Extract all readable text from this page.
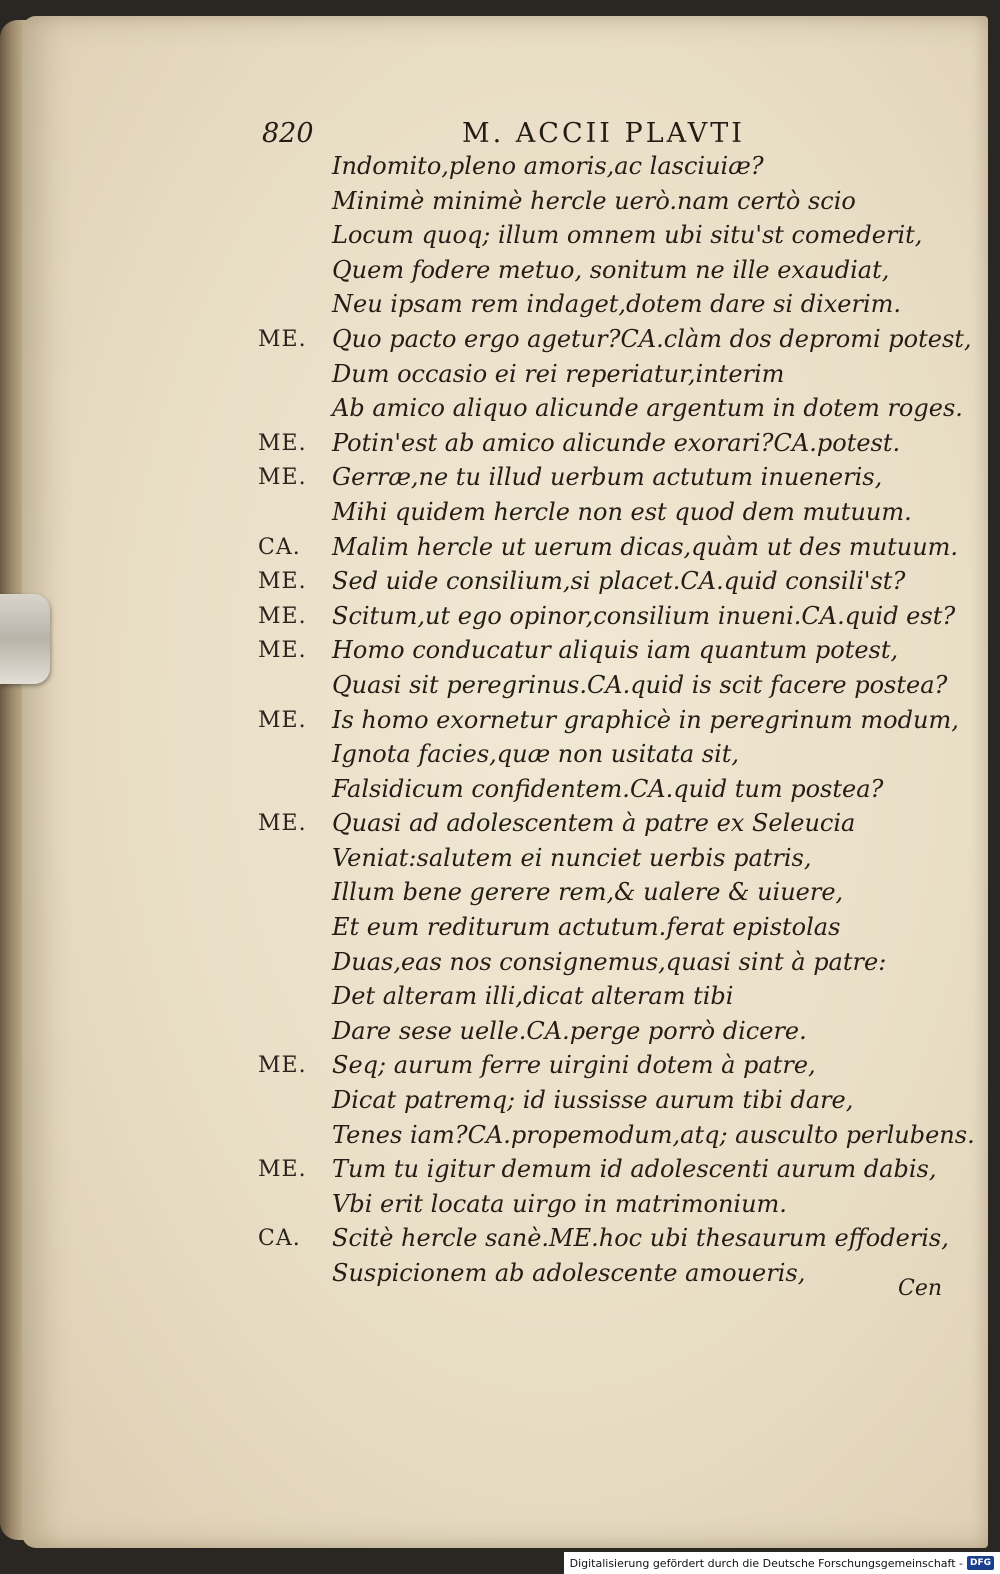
820	M. ACCII PLAVTI
Indomito,pleno amoris,ac lasciuiæ?
Minimè minimè hercle uerò.nam certò scio
Locum quoq; illum omnem ubi situ'st comederit,
Quem fodere metuo, sonitum ne ille exaudiat,
Neu ipsam rem indaget,dotem dare si dixerim.
ME. Quo pacto ergo agetur?CA.clàm dos depromi potest,
Dum occasio ei rei reperiatur,interim
Ab amico aliquo alicunde argentum in dotem roges.
ME. Potin'est ab amico alicunde exorari?CA.potest.
ME. Gerræ,ne tu illud uerbum actutum inueneris,
Mihi quidem hercle non est quod dem mutuum.
CA. Malim hercle ut uerum dicas,quàm ut des mutuum.
ME. Sed uide consilium,si placet.CA.quid consili'st?
ME. Scitum,ut ego opinor,consilium inueni.CA.quid est?
ME. Homo conducatur aliquis iam quantum potest,
Quasi sit peregrinus.CA.quid is scit facere postea?
ME. Is homo exornetur graphicè in peregrinum modum,
Ignota facies,quæ non usitata sit,
Falsidicum confidentem.CA.quid tum postea?
ME. Quasi ad adolescentem à patre ex Seleucia
Veniat:salutem ei nunciet uerbis patris,
Illum bene gerere rem,& ualere & uiuere,
Et eum rediturum actutum.ferat epistolas
Duas,eas nos consignemus,quasi sint à patre:
Det alteram illi,dicat alteram tibi
Dare sese uelle.CA.perge porrò dicere.
ME. Seq; aurum ferre uirgini dotem à patre,
Dicat patremq; id iussisse aurum tibi dare,
Tenes iam?CA.propemodum,atq; ausculto perlubens.
ME. Tum tu igitur demum id adolescenti aurum dabis,
Vbi erit locata uirgo in matrimonium.
CA. Scitè hercle sanè.ME.hoc ubi thesaurum effoderis,
Suspicionem ab adolescente amoueris,
Cen
Digitalisierung gefördert durch die Deutsche Forschungsgemeinschaft - DFG
